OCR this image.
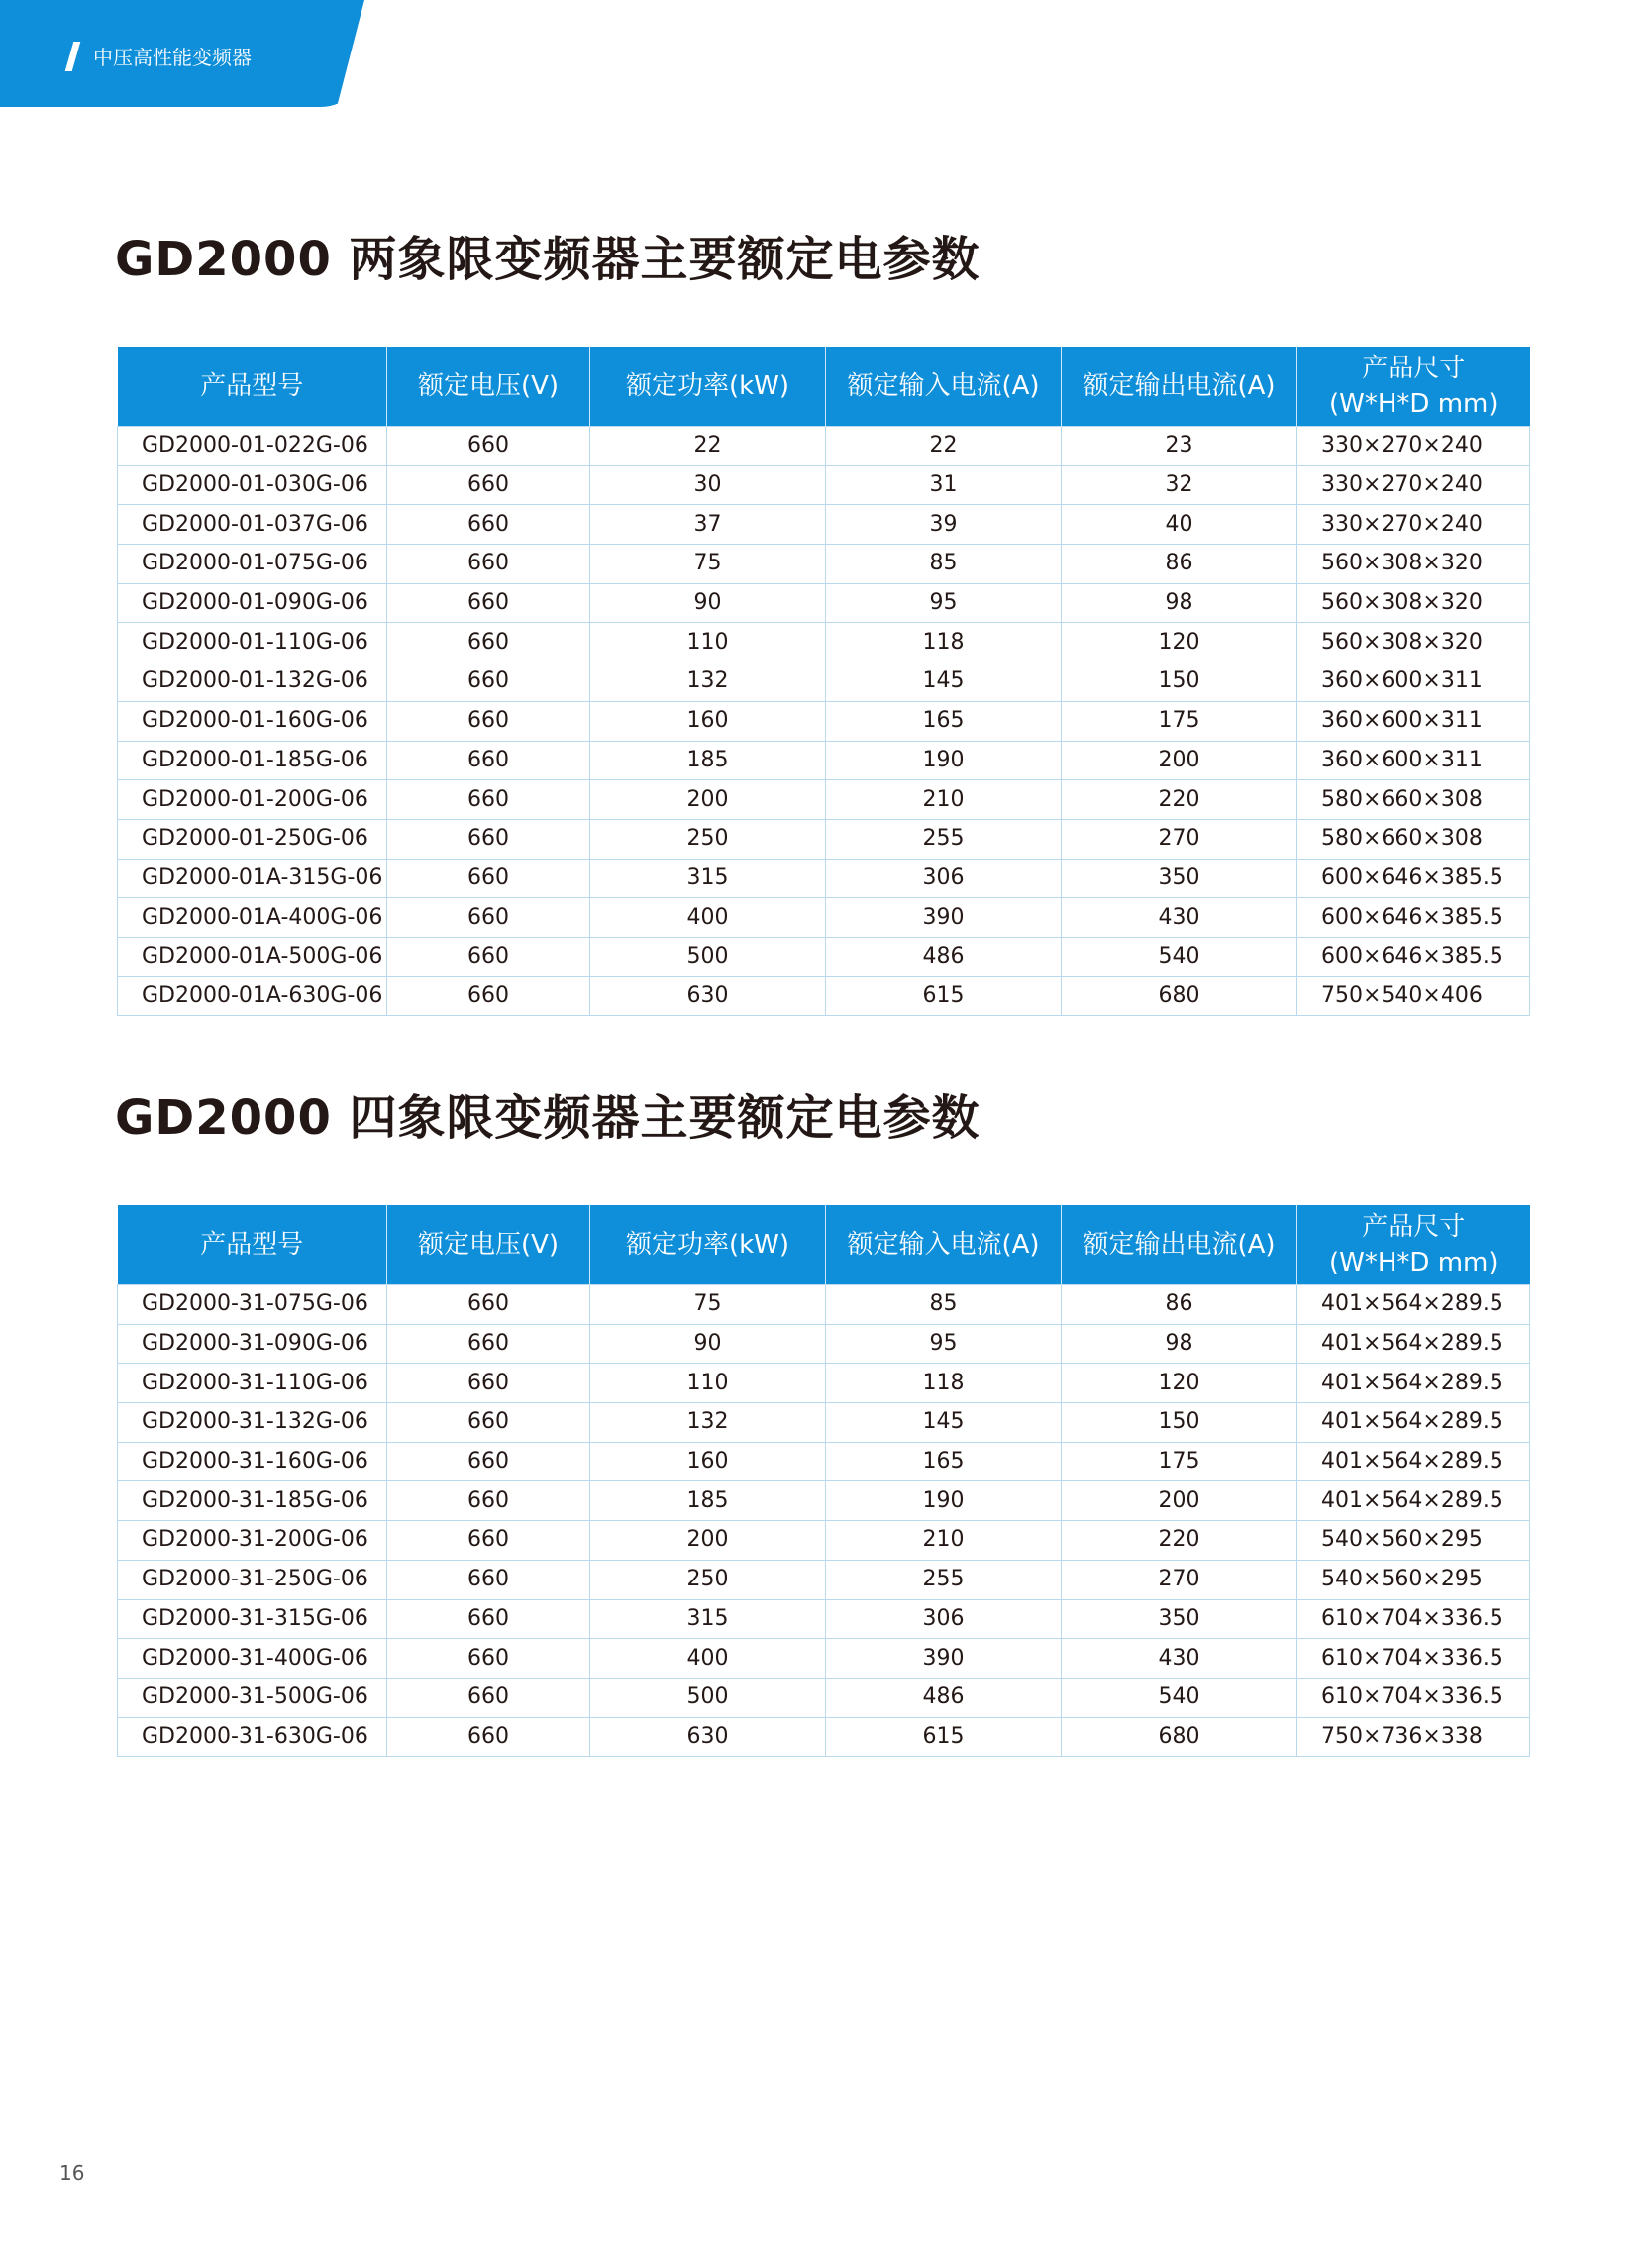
中压高性能变频器
GD2000 两象限变频器主要额定电参数
产品型号	额定电压(V)	额定功率(kW)	额定输入电流(A)	额定输出电流(A)	产品尺寸
(W*H*D mm)
GD2000-01-022G-06	660	22	22	23	330×270×240
GD2000-01-030G-06	660	30	31	32	330×270×240
GD2000-01-037G-06	660	37	39	40	330×270×240
GD2000-01-075G-06	660	75	85	86	560×308×320
GD2000-01-090G-06	660	90	95	98	560×308×320
GD2000-01-110G-06	660	110	118	120	560×308×320
GD2000-01-132G-06	660	132	145	150	360×600×311
GD2000-01-160G-06	660	160	165	175	360×600×311
GD2000-01-185G-06	660	185	190	200	360×600×311
GD2000-01-200G-06	660	200	210	220	580×660×308
GD2000-01-250G-06	660	250	255	270	580×660×308
GD2000-01A-315G-06	660	315	306	350	600×646×385.5
GD2000-01A-400G-06	660	400	390	430	600×646×385.5
GD2000-01A-500G-06	660	500	486	540	600×646×385.5
GD2000-01A-630G-06	660	630	615	680	750×540×406
GD2000 四象限变频器主要额定电参数
产品型号	额定电压(V)	额定功率(kW)	额定输入电流(A)	额定输出电流(A)	产品尺寸
(W*H*D mm)
GD2000-31-075G-06	660	75	85	86	401×564×289.5
GD2000-31-090G-06	660	90	95	98	401×564×289.5
GD2000-31-110G-06	660	110	118	120	401×564×289.5
GD2000-31-132G-06	660	132	145	150	401×564×289.5
GD2000-31-160G-06	660	160	165	175	401×564×289.5
GD2000-31-185G-06	660	185	190	200	401×564×289.5
GD2000-31-200G-06	660	200	210	220	540×560×295
GD2000-31-250G-06	660	250	255	270	540×560×295
GD2000-31-315G-06	660	315	306	350	610×704×336.5
GD2000-31-400G-06	660	400	390	430	610×704×336.5
GD2000-31-500G-06	660	500	486	540	610×704×336.5
GD2000-31-630G-06	660	630	615	680	750×736×338
16
